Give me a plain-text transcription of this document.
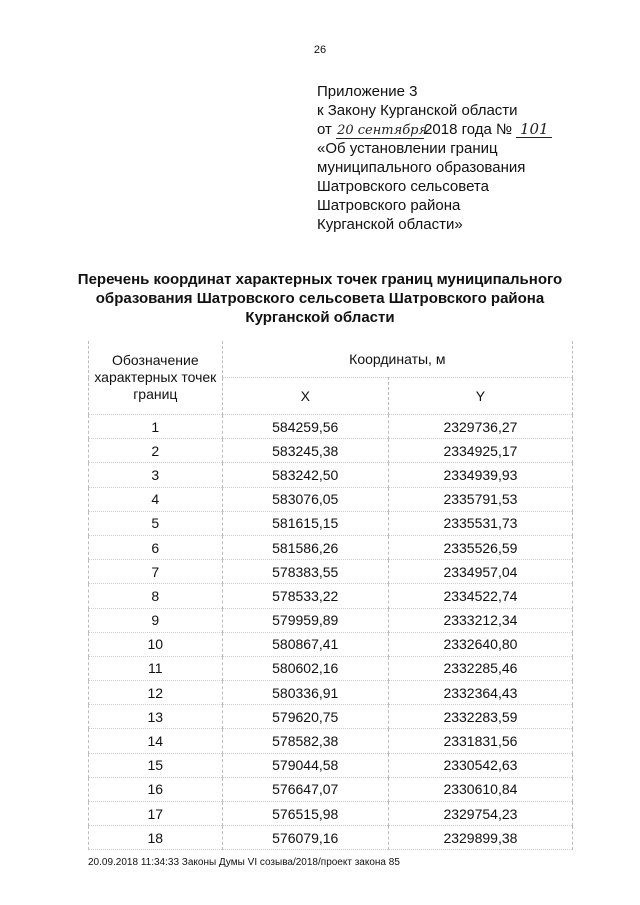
26
Приложение 3
к Закону Курганской области
от 20 сентября2018 года № 101
«Об установлении границ
муниципального образования
Шатровского сельсовета
Шатровского района
Курганской области»
Перечень координат характерных точек границ муниципального
образования Шатровского сельсовета Шатровского района
Курганской области
Обозначение характерных точек границ	Координаты, м	
	X	Y
1	584259,56	2329736,27
2	583245,38	2334925,17
3	583242,50	2334939,93
4	583076,05	2335791,53
5	581615,15	2335531,73
6	581586,26	2335526,59
7	578383,55	2334957,04
8	578533,22	2334522,74
9	579959,89	2333212,34
10	580867,41	2332640,80
11	580602,16	2332285,46
12	580336,91	2332364,43
13	579620,75	2332283,59
14	578582,38	2331831,56
15	579044,58	2330542,63
16	576647,07	2330610,84
17	576515,98	2329754,23
18	576079,16	2329899,38
20.09.2018 11:34:33 Законы Думы VI созыва/2018/проект закона 85
